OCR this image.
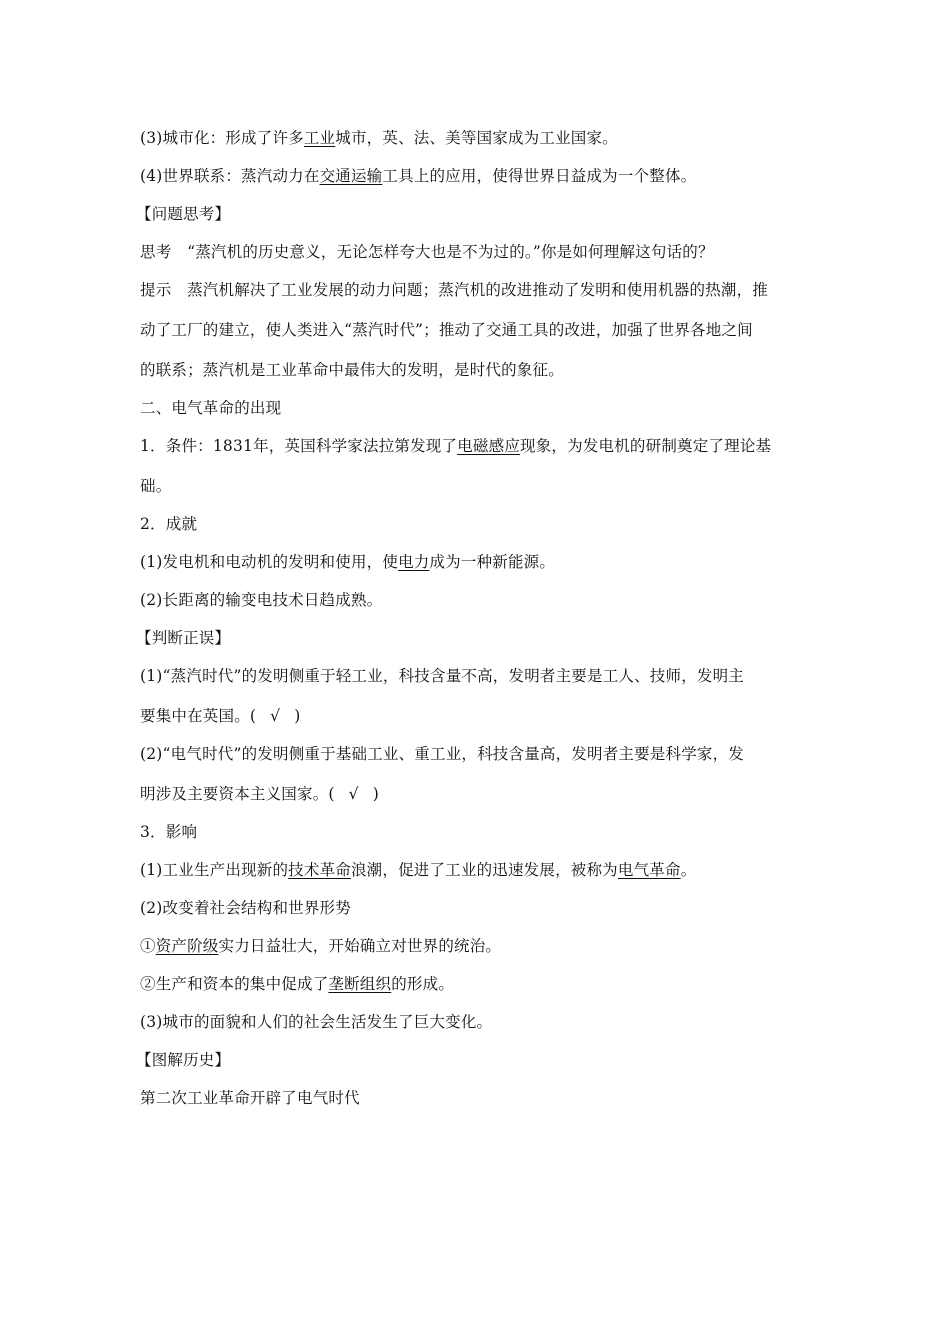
(3)城市化：形成了许多工业城市，英、法、美等国家成为工业国家。
(4)世界联系：蒸汽动力在交通运输工具上的应用，使得世界日益成为一个整体。
【问题思考】
思考　“蒸汽机的历史意义，无论怎样夸大也是不为过的。”你是如何理解这句话的？
提示　蒸汽机解决了工业发展的动力问题；蒸汽机的改进推动了发明和使用机器的热潮，推
动了工厂的建立，使人类进入“蒸汽时代”；推动了交通工具的改进，加强了世界各地之间
的联系；蒸汽机是工业革命中最伟大的发明，是时代的象征。
二、电气革命的出现
1．条件：1831年，英国科学家法拉第发现了电磁感应现象，为发电机的研制奠定了理论基
础。
2．成就
(1)发电机和电动机的发明和使用，使电力成为一种新能源。
(2)长距离的输变电技术日趋成熟。
【判断正误】
(1)“蒸汽时代”的发明侧重于轻工业，科技含量不高，发明者主要是工人、技师，发明主
要集中在英国。( √ )
(2)“电气时代”的发明侧重于基础工业、重工业，科技含量高，发明者主要是科学家，发
明涉及主要资本主义国家。( √ )
3．影响
(1)工业生产出现新的技术革命浪潮，促进了工业的迅速发展，被称为电气革命。
(2)改变着社会结构和世界形势
①资产阶级实力日益壮大，开始确立对世界的统治。
②生产和资本的集中促成了垄断组织的形成。
(3)城市的面貌和人们的社会生活发生了巨大变化。
【图解历史】
第二次工业革命开辟了电气时代
